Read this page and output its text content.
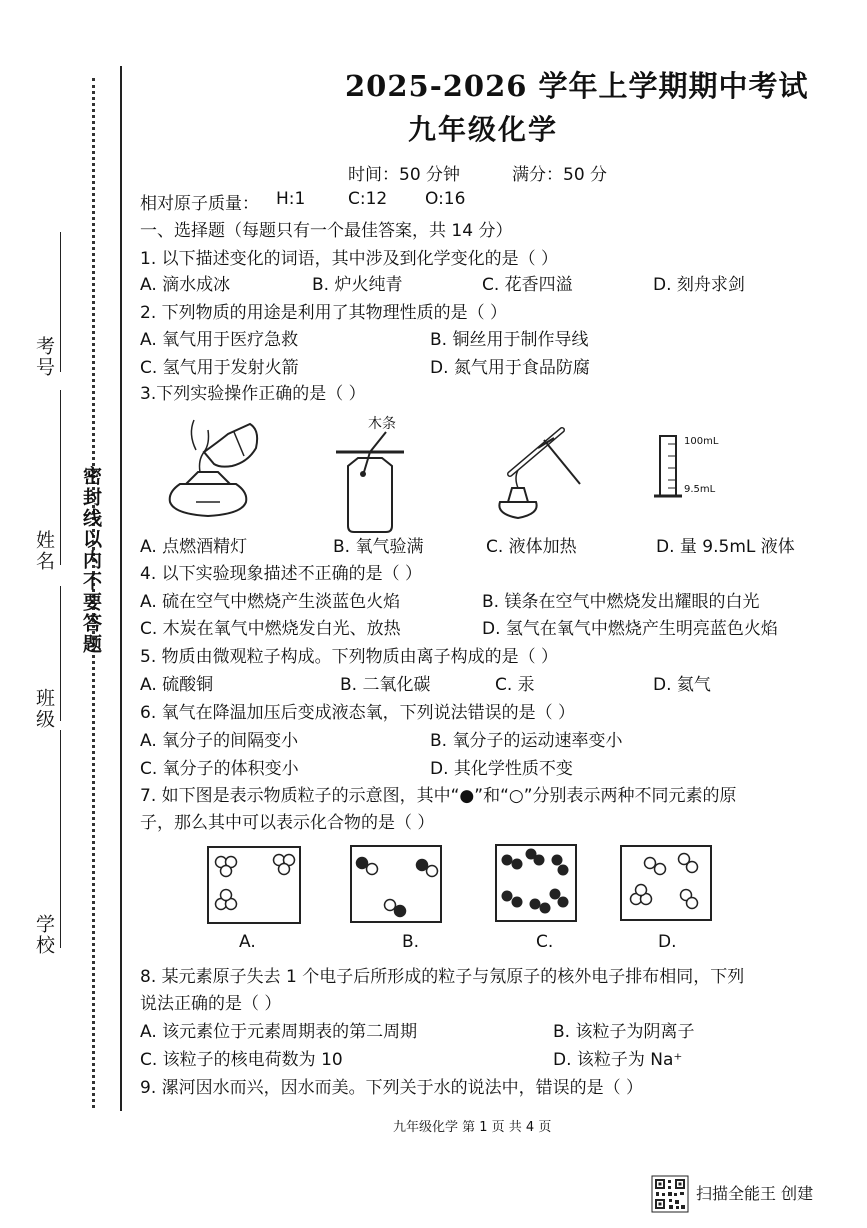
密封线以内不要答题
考号
姓名
班级
学校
2025-2026 学年上学期期中考试
九年级化学
时间：50 分钟	满分：50 分
相对原子质量： H:1	C:12 O:16
一、选择题（每题只有一个最佳答案，共 14 分）
1. 以下描述变化的词语，其中涉及到化学变化的是（ ）
A. 滴水成冰	B. 炉火纯青	C. 花香四溢	D. 刻舟求剑
2. 下列物质的用途是利用了其物理性质的是（ ）
A. 氧气用于医疗急救	B. 铜丝用于制作导线
C. 氢气用于发射火箭	D. 氮气用于食品防腐
3.下列实验操作正确的是（ ）
木条
100mL
9.5mL
A. 点燃酒精灯	B. 氧气验满	C. 液体加热	D. 量 9.5mL 液体
4. 以下实验现象描述不正确的是（ ）
A. 硫在空气中燃烧产生淡蓝色火焰	B. 镁条在空气中燃烧发出耀眼的白光
C. 木炭在氧气中燃烧发白光、放热	D. 氢气在氧气中燃烧产生明亮蓝色火焰
5. 物质由微观粒子构成。下列物质由离子构成的是（ ）
A. 硫酸铜	B. 二氧化碳	C. 汞	D. 氦气
6. 氧气在降温加压后变成液态氧，下列说法错误的是（ ）
A. 氧分子的间隔变小	B. 氧分子的运动速率变小
C. 氧分子的体积变小	D. 其化学性质不变
7. 如下图是表示物质粒子的示意图，其中“●”和“○”分别表示两种不同元素的原
子，那么其中可以表示化合物的是（ ）
A.	B.	C.	D.
8. 某元素原子失去 1 个电子后所形成的粒子与氖原子的核外电子排布相同，下列
说法正确的是（ ）
A. 该元素位于元素周期表的第二周期	B. 该粒子为阴离子
C. 该粒子的核电荷数为 10	D. 该粒子为 Na⁺
9. 漯河因水而兴，因水而美。下列关于水的说法中，错误的是（ ）
九年级化学 第 1 页 共 4 页
扫描全能王 创建
